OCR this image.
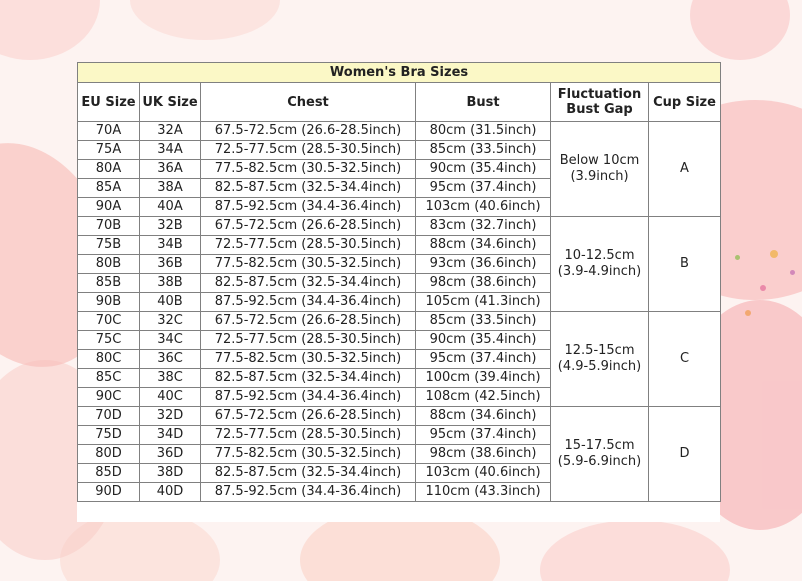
Women's Bra Sizes					
EU Size	UK Size	Chest	Bust	Fluctuation Bust Gap	Cup Size
70A	32A	67.5-72.5cm (26.6-28.5inch)	80cm (31.5inch)	Below 10cm (3.9inch)	A
75A	34A	72.5-77.5cm (28.5-30.5inch)	85cm (33.5inch)		
80A	36A	77.5-82.5cm (30.5-32.5inch)	90cm (35.4inch)		
85A	38A	82.5-87.5cm (32.5-34.4inch)	95cm (37.4inch)		
90A	40A	87.5-92.5cm (34.4-36.4inch)	103cm (40.6inch)		
70B	32B	67.5-72.5cm (26.6-28.5inch)	83cm (32.7inch)	10-12.5cm (3.9-4.9inch)	B
75B	34B	72.5-77.5cm (28.5-30.5inch)	88cm (34.6inch)		
80B	36B	77.5-82.5cm (30.5-32.5inch)	93cm (36.6inch)		
85B	38B	82.5-87.5cm (32.5-34.4inch)	98cm (38.6inch)		
90B	40B	87.5-92.5cm (34.4-36.4inch)	105cm (41.3inch)		
70C	32C	67.5-72.5cm (26.6-28.5inch)	85cm (33.5inch)	12.5-15cm (4.9-5.9inch)	C
75C	34C	72.5-77.5cm (28.5-30.5inch)	90cm (35.4inch)		
80C	36C	77.5-82.5cm (30.5-32.5inch)	95cm (37.4inch)		
85C	38C	82.5-87.5cm (32.5-34.4inch)	100cm (39.4inch)		
90C	40C	87.5-92.5cm (34.4-36.4inch)	108cm (42.5inch)		
70D	32D	67.5-72.5cm (26.6-28.5inch)	88cm (34.6inch)	15-17.5cm (5.9-6.9inch)	D
75D	34D	72.5-77.5cm (28.5-30.5inch)	95cm (37.4inch)		
80D	36D	77.5-82.5cm (30.5-32.5inch)	98cm (38.6inch)		
85D	38D	82.5-87.5cm (32.5-34.4inch)	103cm (40.6inch)		
90D	40D	87.5-92.5cm (34.4-36.4inch)	110cm (43.3inch)		
